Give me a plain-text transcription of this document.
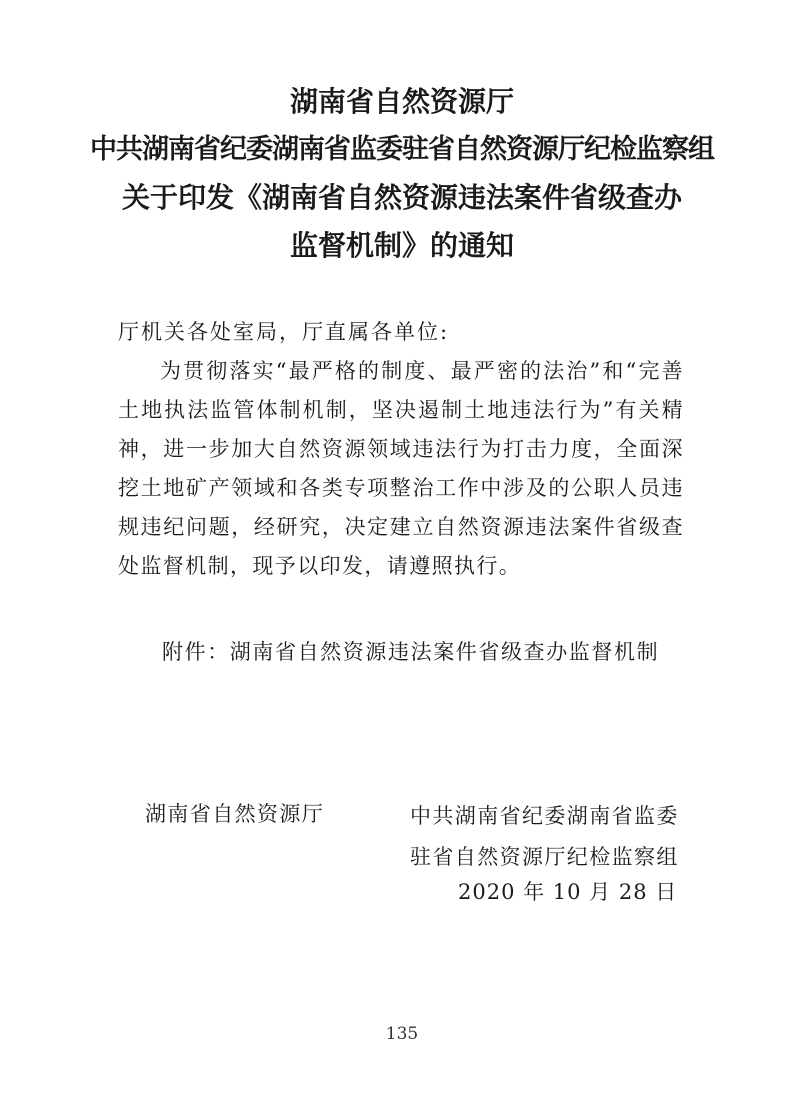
湖南省自然资源厅
中共湖南省纪委湖南省监委驻省自然资源厅纪检监察组
关于印发《湖南省自然资源违法案件省级查办
监督机制》的通知
厅机关各处室局，厅直属各单位:
为贯彻落实“最严格的制度、最严密的法治”和“完善土地执法监管体制机制，坚决遏制土地违法行为”有关精神，进一步加大自然资源领域违法行为打击力度，全面深挖土地矿产领域和各类专项整治工作中涉及的公职人员违规违纪问题，经研究，决定建立自然资源违法案件省级查处监督机制，现予以印发，请遵照执行。
附件：湖南省自然资源违法案件省级查办监督机制
湖南省自然资源厅	中共湖南省纪委湖南省监委
驻省自然资源厅纪检监察组
2020 年 10 月 28 日
135
